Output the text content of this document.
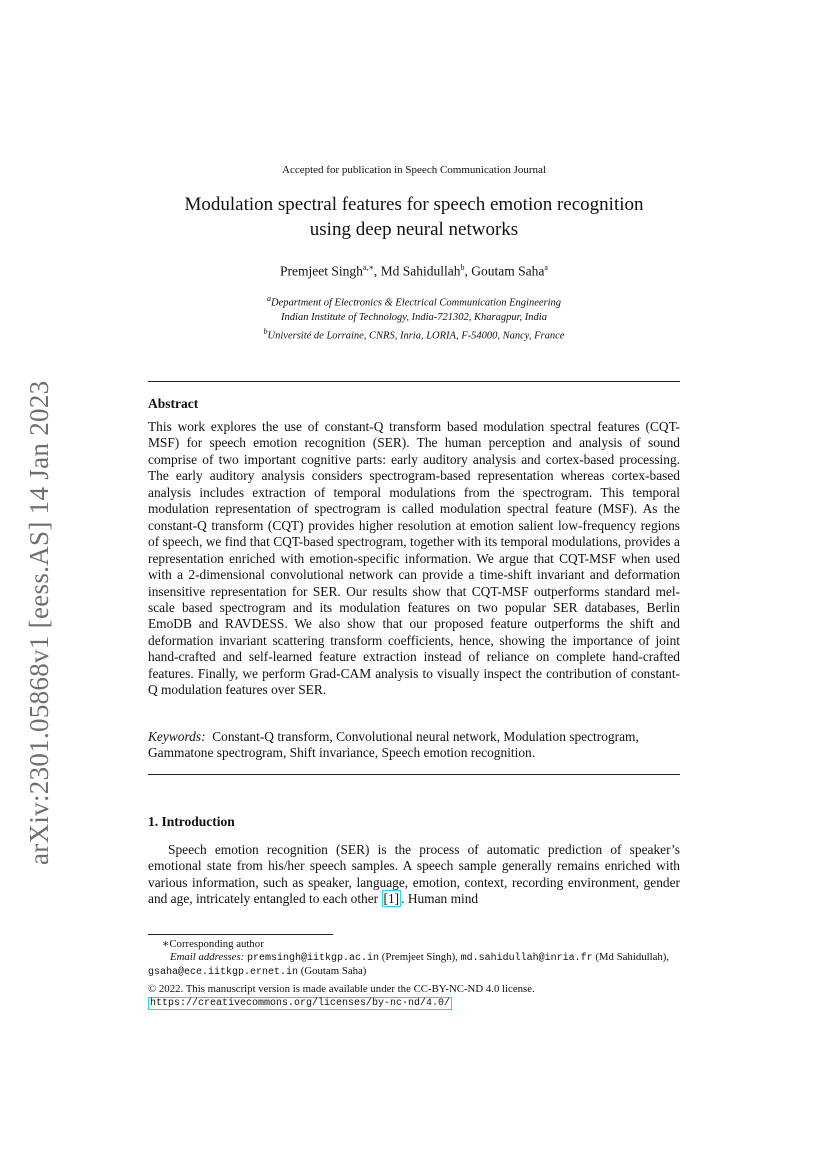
arXiv:2301.05868v1 [eess.AS] 14 Jan 2023
Accepted for publication in Speech Communication Journal
Modulation spectral features for speech emotion recognition
using deep neural networks
Premjeet Singh$^{a,∗}$, Md Sahidullah$^b$, Goutam Saha$^a$
$^a$Department of Electronics & Electrical Communication Engineering
Indian Institute of Technology, India-721302, Kharagpur, India
$^b$Université de Lorraine, CNRS, Inria, LORIA, F-54000, Nancy, France
Abstract
This work explores the use of constant-Q transform based modulation spectral features (CQT-MSF) for speech emotion recognition (SER). The human perception and analysis of sound comprise of two important cognitive parts: early auditory analysis and cortex-based processing. The early auditory analysis considers spectrogram-based representation whereas cortex-based analysis includes extraction of temporal modulations from the spectrogram. This temporal modulation representation of spectrogram is called modulation spectral feature (MSF). As the constant-Q transform (CQT) provides higher resolution at emotion salient low-frequency regions of speech, we find that CQT-based spectrogram, together with its temporal modulations, provides a representation enriched with emotion-specific information. We argue that CQT-MSF when used with a 2-dimensional convolutional network can provide a time-shift invariant and deformation insensitive representation for SER. Our results show that CQT-MSF outperforms standard mel-scale based spectrogram and its modulation features on two popular SER databases, Berlin EmoDB and RAVDESS. We also show that our proposed feature outperforms the shift and deformation invariant scattering transform coefficients, hence, showing the importance of joint hand-crafted and self-learned feature extraction instead of reliance on complete hand-crafted features. Finally, we perform Grad-CAM analysis to visually inspect the contribution of constant-Q modulation features over SER.
Keywords: Constant-Q transform, Convolutional neural network, Modulation spectrogram, Gammatone spectrogram, Shift invariance, Speech emotion recognition.
1. Introduction
Speech emotion recognition (SER) is the process of automatic prediction of speaker’s emotional state from his/her speech samples. A speech sample generally remains enriched with various information, such as speaker, language, emotion, context, recording environment, gender and age, intricately entangled to each other [1] . Human mind
∗Corresponding author
Email addresses: premsingh@iitkgp.ac.in (Premjeet Singh), md.sahidullah@inria.fr (Md Sahidullah), gsaha@ece.iitkgp.ernet.in (Goutam Saha)
© 2022. This manuscript version is made available under the CC-BY-NC-ND 4.0 license.
https://creativecommons.org/licenses/by-nc-nd/4.0/
